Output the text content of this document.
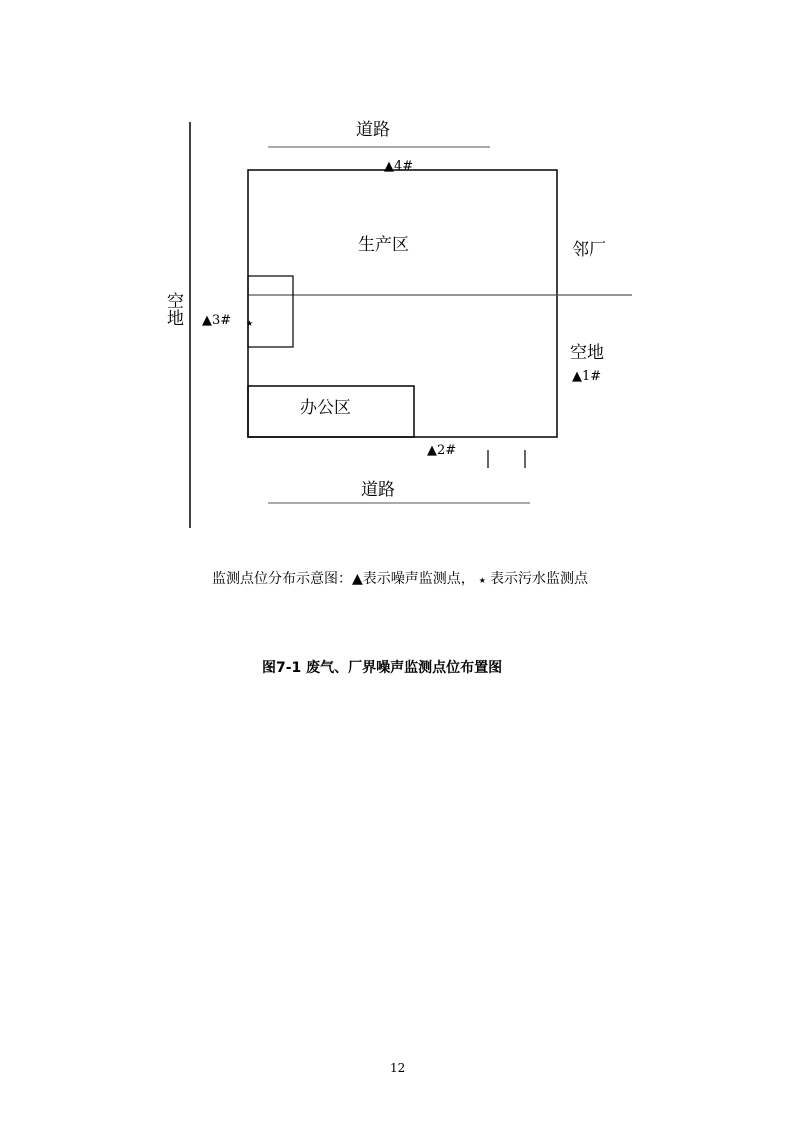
道路
▲4#
生产区	邻厂
空地 ▲3# ★
空地
▲1#
办公区
▲2#
道路
监测点位分布示意图：▲表示噪声监测点， ★ 表示污水监测点
图7-1 废气、厂界噪声监测点位布置图
12
